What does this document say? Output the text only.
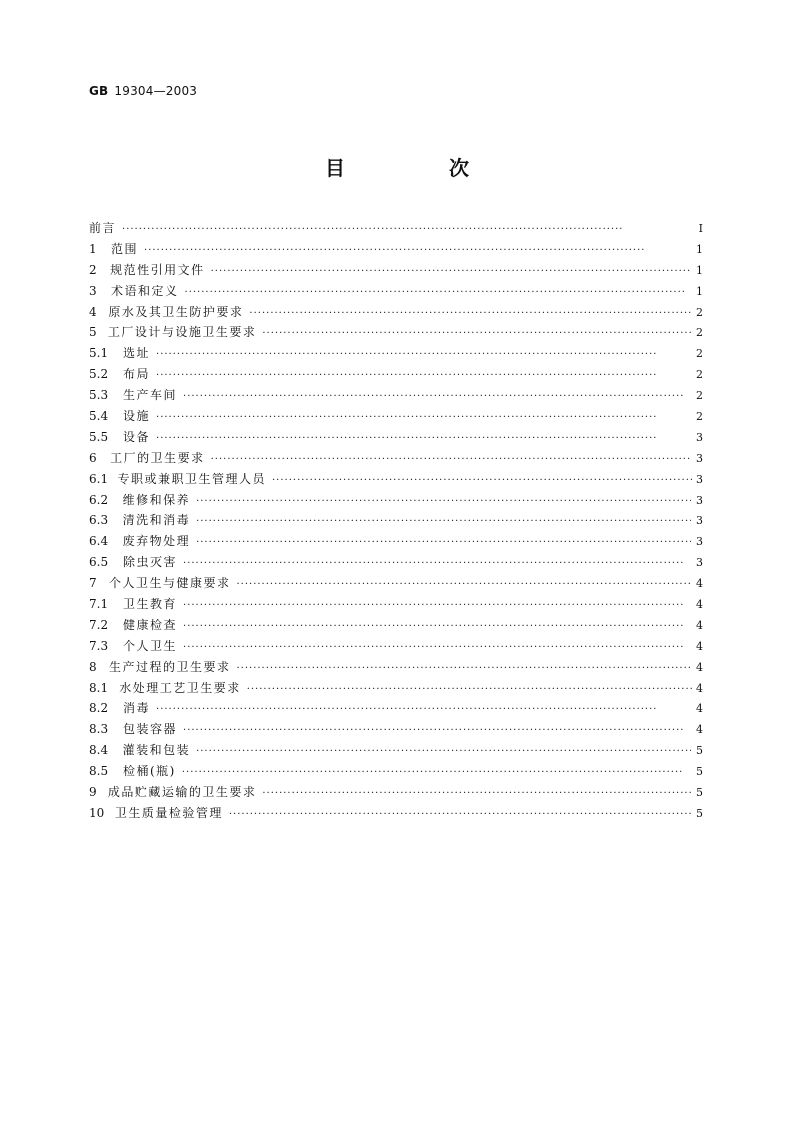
GB 19304—2003
目　次
前言 ·····	I
1	范围 ·····	1
2	规范性引用文件 ·····	1
3	术语和定义 ·····	1
4 原水及其卫生防护要求 ·····	2
5 工厂设计与设施卫生要求 ·····	2
5.1	选址 ·····	2
5.2	布局 ·····	2
5.3	生产车间 ·····	2
5.4	设施 ·····	2
5.5	设备 ·····	3
6	工厂的卫生要求 ·····	3
6.1 专职或兼职卫生管理人员 ·····	3
6.2	维修和保养 ·····	3
6.3	清洗和消毒 ·····	3
6.4	废弃物处理 ·····	3
6.5	除虫灭害 ·····	3
7	个人卫生与健康要求 ·····	4
7.1	卫生教育 ·····	4
7.2	健康检查 ·····	4
7.3	个人卫生 ·····	4
8	生产过程的卫生要求 ·····	4
8.1 水处理工艺卫生要求 ·····	4
8.2	消毒 ·····	4
8.3	包装容器 ·····	4
8.4	灌装和包装 ·····	5
8.5	检桶(瓶) ·····	5
9 成品贮藏运输的卫生要求 ·····	5
10 卫生质量检验管理 ·····	5
